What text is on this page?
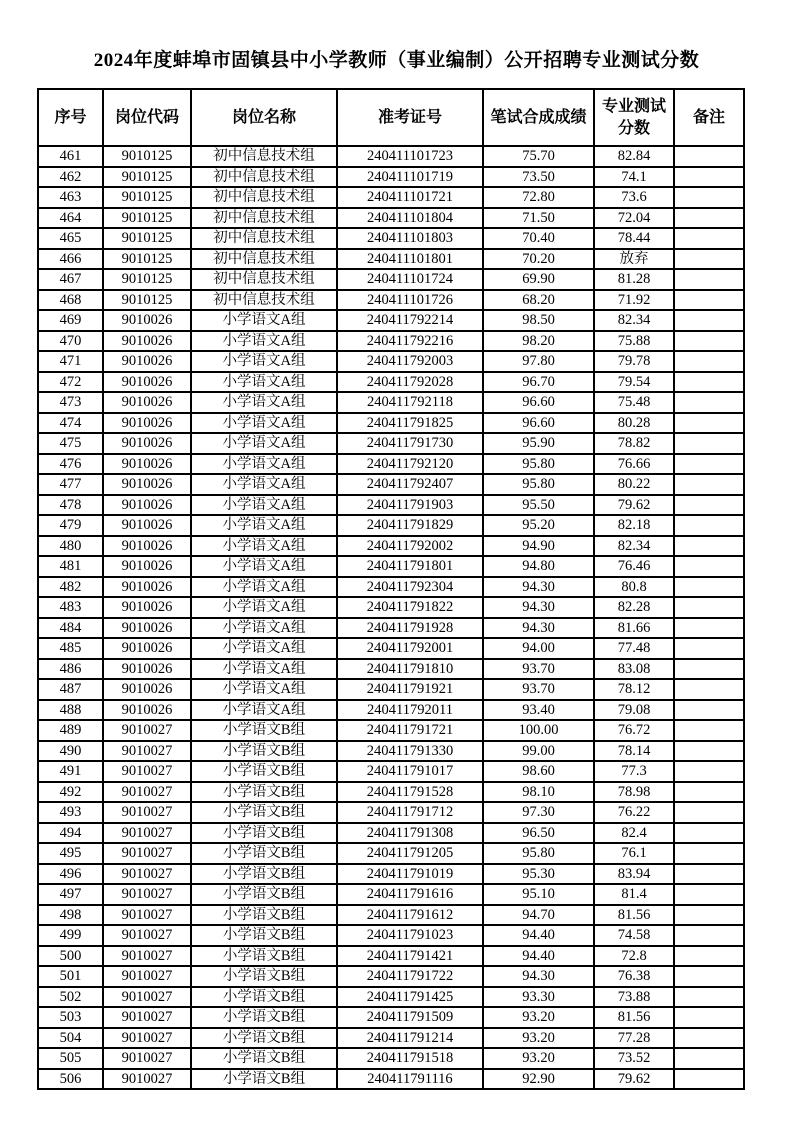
2024年度蚌埠市固镇县中小学教师（事业编制）公开招聘专业测试分数
序号	岗位代码	岗位名称	准考证号	笔试合成成绩	专业测试分数	备注
461	9010125	初中信息技术组	240411101723	75.70	82.84	
462	9010125	初中信息技术组	240411101719	73.50	74.1	
463	9010125	初中信息技术组	240411101721	72.80	73.6	
464	9010125	初中信息技术组	240411101804	71.50	72.04	
465	9010125	初中信息技术组	240411101803	70.40	78.44	
466	9010125	初中信息技术组	240411101801	70.20	放弃	
467	9010125	初中信息技术组	240411101724	69.90	81.28	
468	9010125	初中信息技术组	240411101726	68.20	71.92	
469	9010026	小学语文A组	240411792214	98.50	82.34	
470	9010026	小学语文A组	240411792216	98.20	75.88	
471	9010026	小学语文A组	240411792003	97.80	79.78	
472	9010026	小学语文A组	240411792028	96.70	79.54	
473	9010026	小学语文A组	240411792118	96.60	75.48	
474	9010026	小学语文A组	240411791825	96.60	80.28	
475	9010026	小学语文A组	240411791730	95.90	78.82	
476	9010026	小学语文A组	240411792120	95.80	76.66	
477	9010026	小学语文A组	240411792407	95.80	80.22	
478	9010026	小学语文A组	240411791903	95.50	79.62	
479	9010026	小学语文A组	240411791829	95.20	82.18	
480	9010026	小学语文A组	240411792002	94.90	82.34	
481	9010026	小学语文A组	240411791801	94.80	76.46	
482	9010026	小学语文A组	240411792304	94.30	80.8	
483	9010026	小学语文A组	240411791822	94.30	82.28	
484	9010026	小学语文A组	240411791928	94.30	81.66	
485	9010026	小学语文A组	240411792001	94.00	77.48	
486	9010026	小学语文A组	240411791810	93.70	83.08	
487	9010026	小学语文A组	240411791921	93.70	78.12	
488	9010026	小学语文A组	240411792011	93.40	79.08	
489	9010027	小学语文B组	240411791721	100.00	76.72	
490	9010027	小学语文B组	240411791330	99.00	78.14	
491	9010027	小学语文B组	240411791017	98.60	77.3	
492	9010027	小学语文B组	240411791528	98.10	78.98	
493	9010027	小学语文B组	240411791712	97.30	76.22	
494	9010027	小学语文B组	240411791308	96.50	82.4	
495	9010027	小学语文B组	240411791205	95.80	76.1	
496	9010027	小学语文B组	240411791019	95.30	83.94	
497	9010027	小学语文B组	240411791616	95.10	81.4	
498	9010027	小学语文B组	240411791612	94.70	81.56	
499	9010027	小学语文B组	240411791023	94.40	74.58	
500	9010027	小学语文B组	240411791421	94.40	72.8	
501	9010027	小学语文B组	240411791722	94.30	76.38	
502	9010027	小学语文B组	240411791425	93.30	73.88	
503	9010027	小学语文B组	240411791509	93.20	81.56	
504	9010027	小学语文B组	240411791214	93.20	77.28	
505	9010027	小学语文B组	240411791518	93.20	73.52	
506	9010027	小学语文B组	240411791116	92.90	79.62	
